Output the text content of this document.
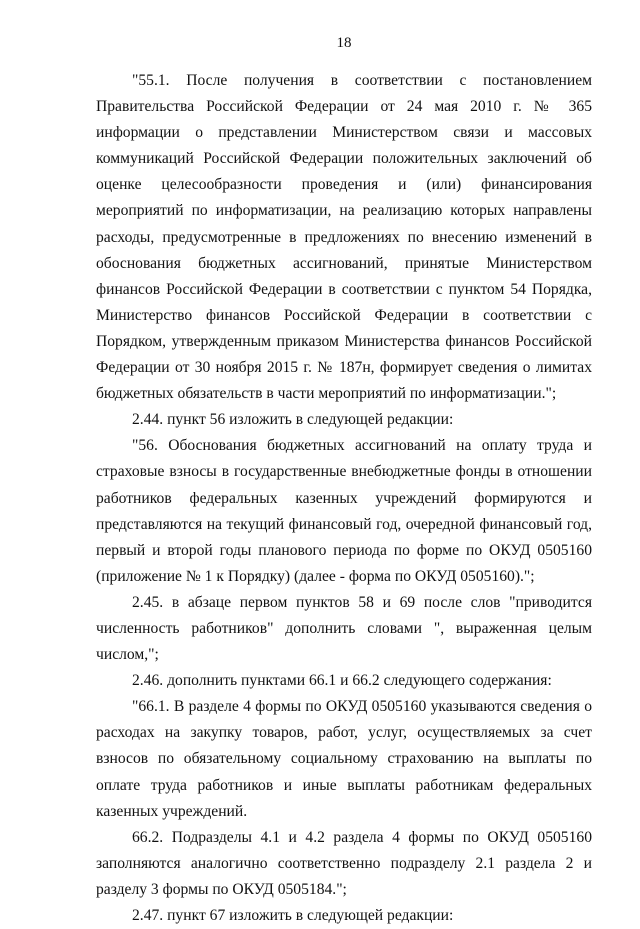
18

"55.1. После получения в соответствии с постановлением Правительства Российской Федерации от 24 мая 2010 г. № 365 информации о представлении Министерством связи и массовых коммуникаций Российской Федерации положительных заключений об оценке целесообразности проведения и (или) финансирования мероприятий по информатизации, на реализацию которых направлены расходы, предусмотренные в предложениях по внесению изменений в обоснования бюджетных ассигнований, принятые Министерством финансов Российской Федерации в соответствии с пунктом 54 Порядка, Министерство финансов Российской Федерации в соответствии с Порядком, утвержденным приказом Министерства финансов Российской Федерации от 30 ноября 2015 г. № 187н, формирует сведения о лимитах бюджетных обязательств в части мероприятий по информатизации.";

2.44. пункт 56 изложить в следующей редакции:

"56. Обоснования бюджетных ассигнований на оплату труда и страховые взносы в государственные внебюджетные фонды в отношении работников федеральных казенных учреждений формируются и представляются на текущий финансовый год, очередной финансовый год, первый и второй годы планового периода по форме по ОКУД 0505160 (приложение № 1 к Порядку) (далее - форма по ОКУД 0505160).";

2.45. в абзаце первом пунктов 58 и 69 после слов "приводится численность работников" дополнить словами ", выраженная целым числом,";

2.46. дополнить пунктами 66.1 и 66.2 следующего содержания:

"66.1. В разделе 4 формы по ОКУД 0505160 указываются сведения о расходах на закупку товаров, работ, услуг, осуществляемых за счет взносов по обязательному социальному страхованию на выплаты по оплате труда работников и иные выплаты работникам федеральных казенных учреждений.

66.2. Подразделы 4.1 и 4.2 раздела 4 формы по ОКУД 0505160 заполняются аналогично соответственно подразделу 2.1 раздела 2 и разделу 3 формы по ОКУД 0505184.";

2.47. пункт 67 изложить в следующей редакции:
